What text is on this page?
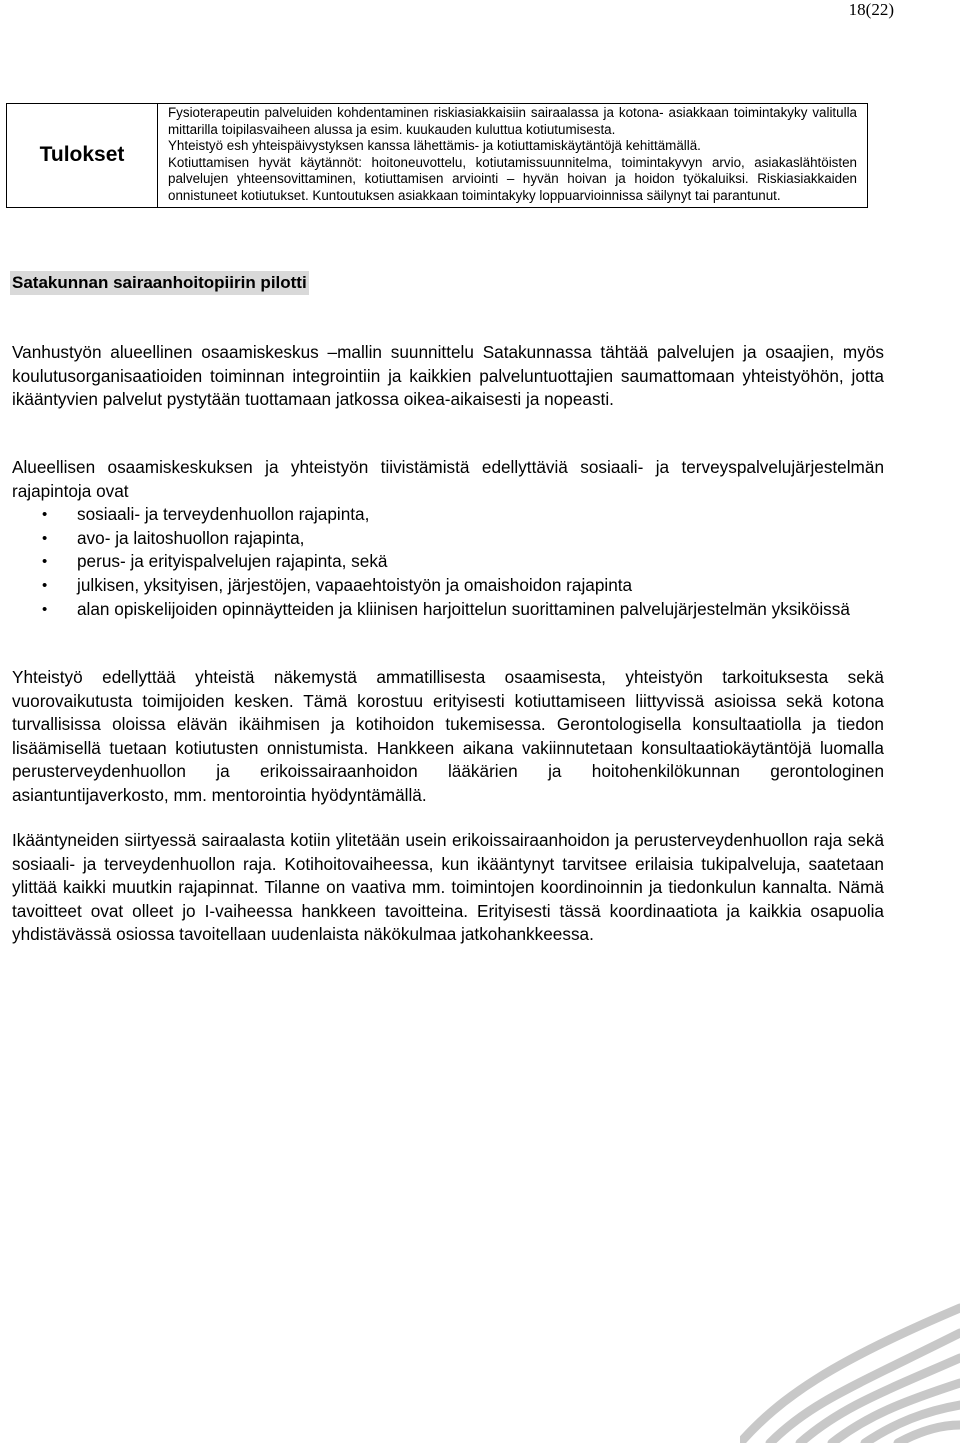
18(22)
Tulokset	

Fysioterapeutin palveluiden kohdentaminen riskiasiakkaisiin sairaalassa ja kotona- asiakkaan toimintakyky valitulla mittarilla toipilasvaiheen alussa ja esim. kuukauden kuluttua kotiutumisesta.

Yhteistyö esh yhteispäivystyksen kanssa lähettämis- ja kotiuttamiskäytäntöjä kehittämällä.

Kotiuttamisen hyvät käytännöt: hoitoneuvottelu, kotiutamissuunnitelma, toimintakyvyn arvio, asiakaslähtöisten palvelujen yhteensovittaminen, kotiuttamisen arviointi – hyvän hoivan ja hoidon työkaluiksi. Riskiasiakkaiden onnistuneet kotiutukset. Kuntoutuksen asiakkaan toimintakyky loppuarvioinnissa säilynyt tai parantunut.

Satakunnan sairaanhoitopiirin pilotti

Vanhustyön alueellinen osaamiskeskus –mallin suunnittelu Satakunnassa tähtää palvelujen ja osaajien, myös koulutusorganisaatioiden toiminnan integrointiin ja kaikkien palveluntuottajien saumattomaan yhteistyöhön, jotta ikääntyvien palvelut pystytään tuottamaan jatkossa oikea-aikaisesti ja nopeasti.

Alueellisen osaamiskeskuksen ja yhteistyön tiivistämistä edellyttäviä sosiaali- ja terveyspalvelujärjestelmän rajapintoja ovat

• sosiaali- ja terveydenhuollon rajapinta,
• avo- ja laitoshuollon rajapinta,
• perus- ja erityispalvelujen rajapinta, sekä
• julkisen, yksityisen, järjestöjen, vapaaehtoistyön ja omaishoidon rajapinta
• alan opiskelijoiden opinnäytteiden ja kliinisen harjoittelun suorittaminen palvelujärjestelmän yksiköissä

Yhteistyö edellyttää yhteistä näkemystä ammatillisesta osaamisesta, yhteistyön tarkoituksesta sekä vuorovaikutusta toimijoiden kesken. Tämä korostuu erityisesti kotiuttamiseen liittyvissä asioissa sekä kotona turvallisissa oloissa elävän ikäihmisen ja kotihoidon tukemisessa. Gerontologisella konsultaatiolla ja tiedon lisäämisellä tuetaan kotiutusten onnistumista. Hankkeen aikana vakiinnutetaan konsultaatiokäytäntöjä luomalla perusterveydenhuollon ja erikoissairaanhoidon lääkärien ja hoitohenkilökunnan gerontologinen asiantuntijaverkosto, mm. mentorointia hyödyntämällä.

Ikääntyneiden siirtyessä sairaalasta kotiin ylitetään usein erikoissairaanhoidon ja perusterveydenhuollon raja sekä sosiaali- ja terveydenhuollon raja. Kotihoitovaiheessa, kun ikääntynyt tarvitsee erilaisia tukipalveluja, saatetaan ylittää kaikki muutkin rajapinnat. Tilanne on vaativa mm. toimintojen koordinoinnin ja tiedonkulun kannalta. Nämä tavoitteet ovat olleet jo I-vaiheessa hankkeen tavoitteina. Erityisesti tässä koordinaatiota ja kaikkia osapuolia yhdistävässä osiossa tavoitellaan uudenlaista näkökulmaa jatkohankkeessa.
